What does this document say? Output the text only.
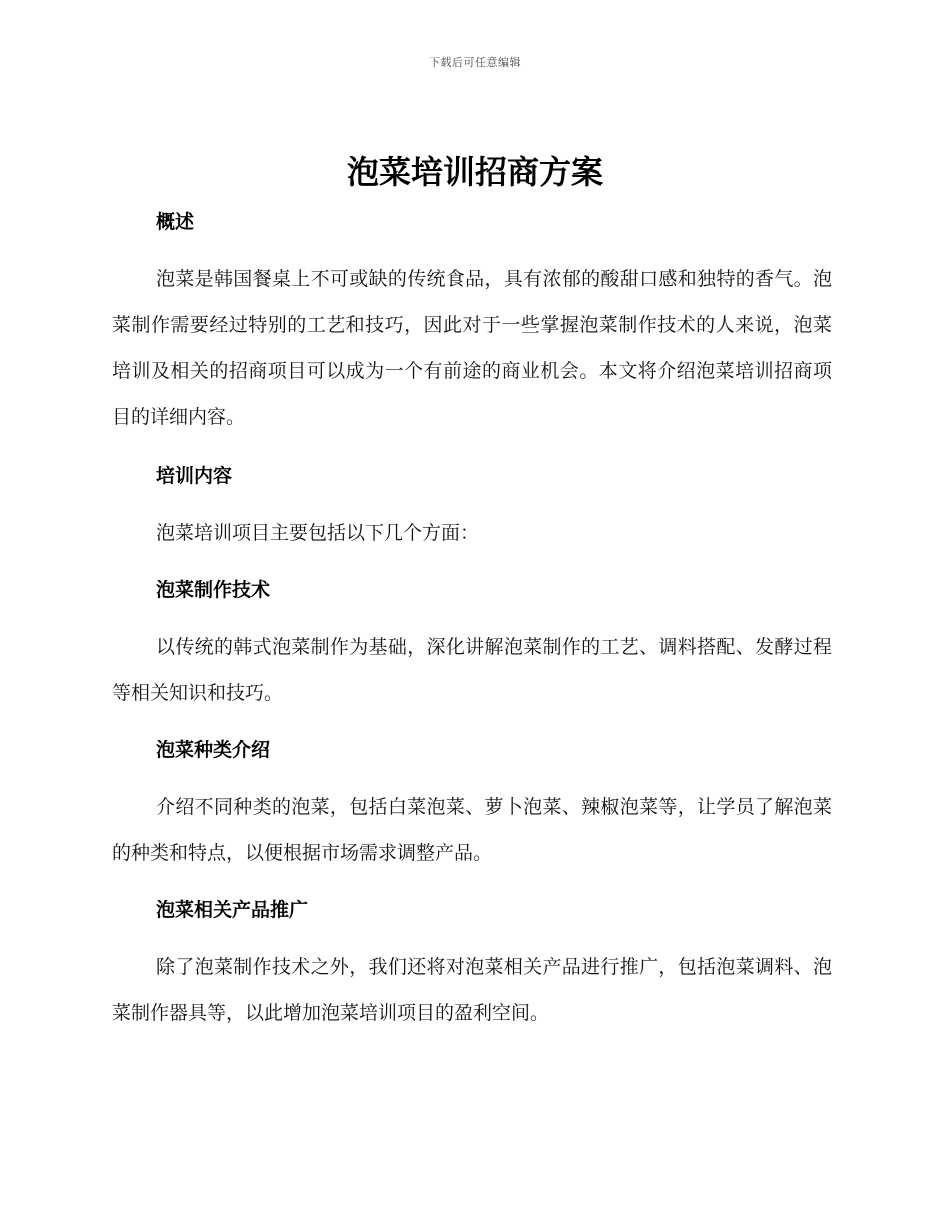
下载后可任意编辑
泡菜培训招商方案
概述

泡菜是韩国餐桌上不可或缺的传统食品，具有浓郁的酸甜口感和独特的香气。泡菜制作需要经过特别的工艺和技巧，因此对于一些掌握泡菜制作技术的人来说，泡菜培训及相关的招商项目可以成为一个有前途的商业机会。本文将介绍泡菜培训招商项目的详细内容。

培训内容

泡菜培训项目主要包括以下几个方面：

泡菜制作技术

以传统的韩式泡菜制作为基础，深化讲解泡菜制作的工艺、调料搭配、发酵过程等相关知识和技巧。

泡菜种类介绍

介绍不同种类的泡菜，包括白菜泡菜、萝卜泡菜、辣椒泡菜等，让学员了解泡菜的种类和特点，以便根据市场需求调整产品。

泡菜相关产品推广

除了泡菜制作技术之外，我们还将对泡菜相关产品进行推广，包括泡菜调料、泡菜制作器具等，以此增加泡菜培训项目的盈利空间。
